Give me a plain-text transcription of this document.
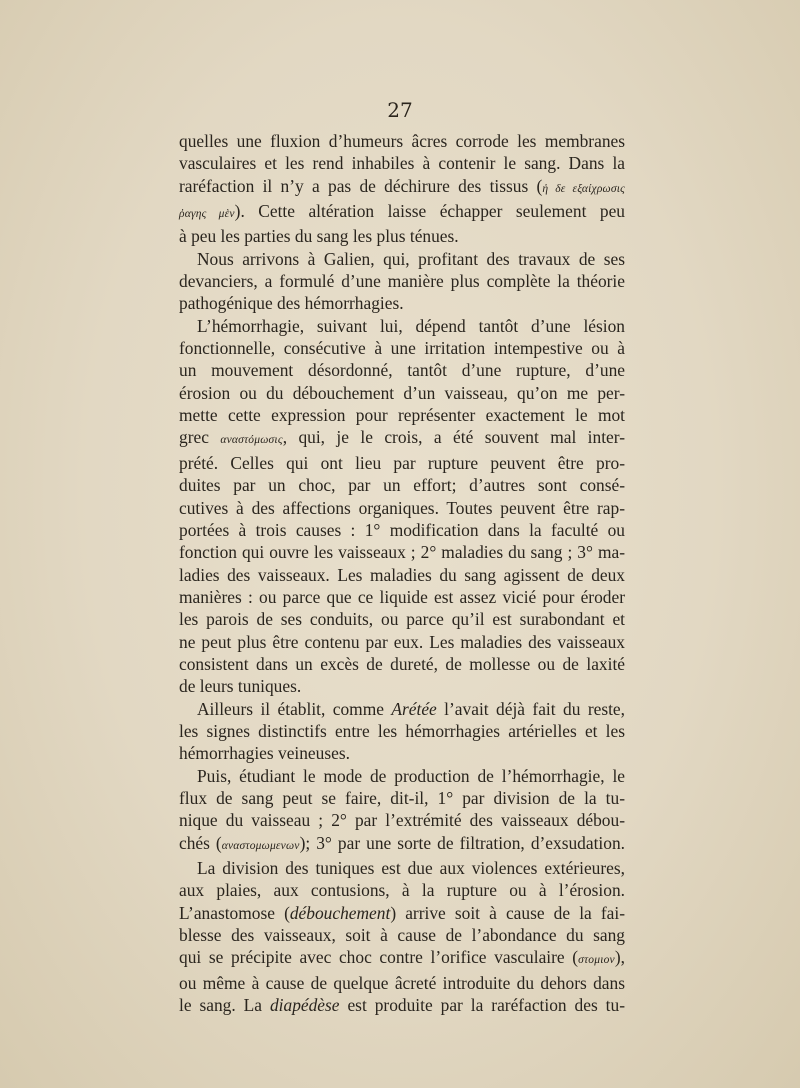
27
quelles une fluxion d’humeurs âcres corrode les membranes
vasculaires et les rend inhabiles à contenir le sang. Dans la
raréfaction il n’y a pas de déchirure des tissus (ἡ δε εξαίχρωσις
ῥαγης μὲν). Cette altération laisse échapper seulement peu
à peu les parties du sang les plus ténues.
Nous arrivons à Galien, qui, profitant des travaux de ses
devanciers, a formulé d’une manière plus complète la théorie
pathogénique des hémorrhagies.
L’hémorrhagie, suivant lui, dépend tantôt d’une lésion
fonctionnelle, consécutive à une irritation intempestive ou à
un mouvement désordonné, tantôt d’une rupture, d’une
érosion ou du débouchement d’un vaisseau, qu’on me per-
mette cette expression pour représenter exactement le mot
grec αναστόμωσις, qui, je le crois, a été souvent mal inter-
prété. Celles qui ont lieu par rupture peuvent être pro-
duites par un choc, par un effort; d’autres sont consé-
cutives à des affections organiques. Toutes peuvent être rap-
portées à trois causes : 1° modification dans la faculté ou
fonction qui ouvre les vaisseaux ; 2° maladies du sang ; 3° ma-
ladies des vaisseaux. Les maladies du sang agissent de deux
manières : ou parce que ce liquide est assez vicié pour éroder
les parois de ses conduits, ou parce qu’il est surabondant et
ne peut plus être contenu par eux. Les maladies des vaisseaux
consistent dans un excès de dureté, de mollesse ou de laxité
de leurs tuniques.
Ailleurs il établit, comme Arétée l’avait déjà fait du reste,
les signes distinctifs entre les hémorrhagies artérielles et les
hémorrhagies veineuses.
Puis, étudiant le mode de production de l’hémorrhagie, le
flux de sang peut se faire, dit-il, 1° par division de la tu-
nique du vaisseau ; 2° par l’extrémité des vaisseaux débou-
chés (αναστομωμενων); 3° par une sorte de filtration, d’exsudation.
La division des tuniques est due aux violences extérieures,
aux plaies, aux contusions, à la rupture ou à l’érosion.
L’anastomose (débouchement) arrive soit à cause de la fai-
blesse des vaisseaux, soit à cause de l’abondance du sang
qui se précipite avec choc contre l’orifice vasculaire (στομιον),
ou même à cause de quelque âcreté introduite du dehors dans
le sang. La diapédèse est produite par la raréfaction des tu-
